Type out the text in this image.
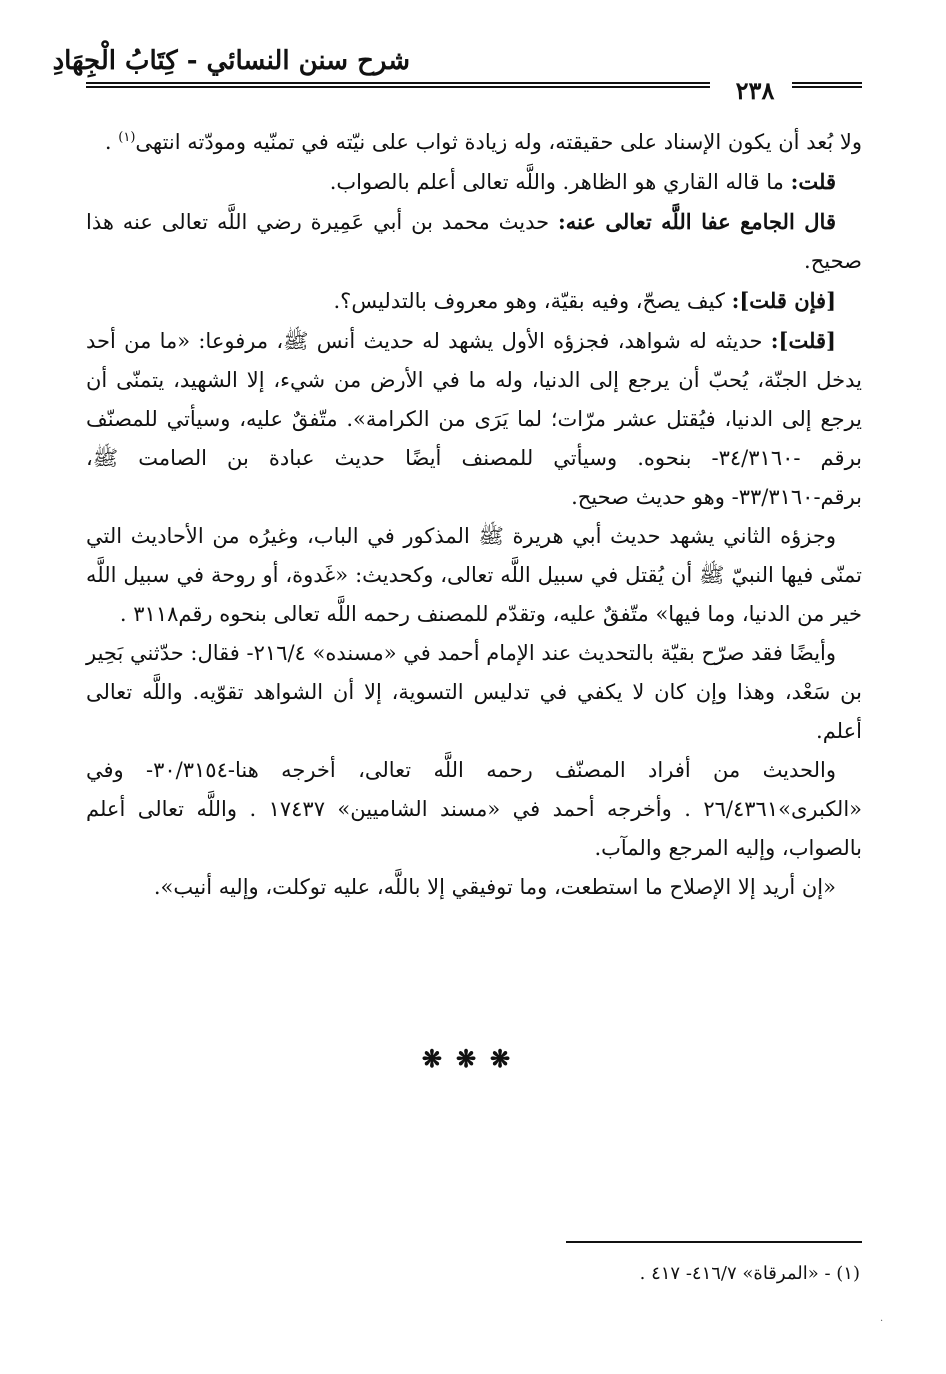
شرح سنن النسائي - كِتَابُ الْجِهَادِ
٢٣٨

ولا بُعد أن يكون الإسناد على حقيقته، وله زيادة ثواب على نيّته في تمنّيه ومودّته انتهى$^{(١)}$ .

قلت: ما قاله القاري هو الظاهر. واللَّه تعالى أعلم بالصواب.

قال الجامع عفا اللَّه تعالى عنه: حديث محمد بن أبي عَمِيرة رضي اللَّه تعالى عنه هذا صحيح.

[فإن قلت]: كيف يصحّ، وفيه بقيّة، وهو معروف بالتدليس؟.

[قلت]: حديثه له شواهد، فجزؤه الأول يشهد له حديث أنس ﷺ، مرفوعا: «ما من أحد يدخل الجنّة، يُحبّ أن يرجع إلى الدنيا، وله ما في الأرض من شيء، إلا الشهيد، يتمنّى أن يرجع إلى الدنيا، فيُقتل عشر مرّات؛ لما يَرَى من الكرامة». متّفقٌ عليه، وسيأتي للمصنّف برقم -٣٤/٣١٦٠- بنحوه. وسيأتي للمصنف أيضًا حديث عبادة بن الصامت ﷺ، برقم-٣٣/٣١٦٠- وهو حديث صحيح.

وجزؤه الثاني يشهد حديث أبي هريرة ﷺ المذكور في الباب، وغيرُه من الأحاديث التي تمنّى فيها النبيّ ﷺ أن يُقتل في سبيل اللَّه تعالى، وكحديث: «غَدوة، أو روحة في سبيل اللَّه خير من الدنيا، وما فيها» متّفقٌ عليه، وتقدّم للمصنف رحمه اللَّه تعالى بنحوه رقم٣١١٨ .

وأيضًا فقد صرّح بقيّة بالتحديث عند الإمام أحمد في «مسنده» ٢١٦/٤- فقال: حدّثني بَحِير بن سَعْد، وهذا وإن كان لا يكفي في تدليس التسوية، إلا أن الشواهد تقوّيه. واللَّه تعالى أعلم.

والحديث من أفراد المصنّف رحمه اللَّه تعالى، أخرجه هنا-٣٠/٣١٥٤- وفي «الكبرى»٢٦/٤٣٦١ . وأخرجه أحمد في «مسند الشاميين» ١٧٤٣٧ . واللَّه تعالى أعلم بالصواب، وإليه المرجع والمآب.

«إن أريد إلا الإصلاح ما استطعت، وما توفيقي إلا باللَّه، عليه توكلت، وإليه أنيب».

❋❋❋
(١) - «المرقاة» ٤١٦/٧- ٤١٧ .
·
